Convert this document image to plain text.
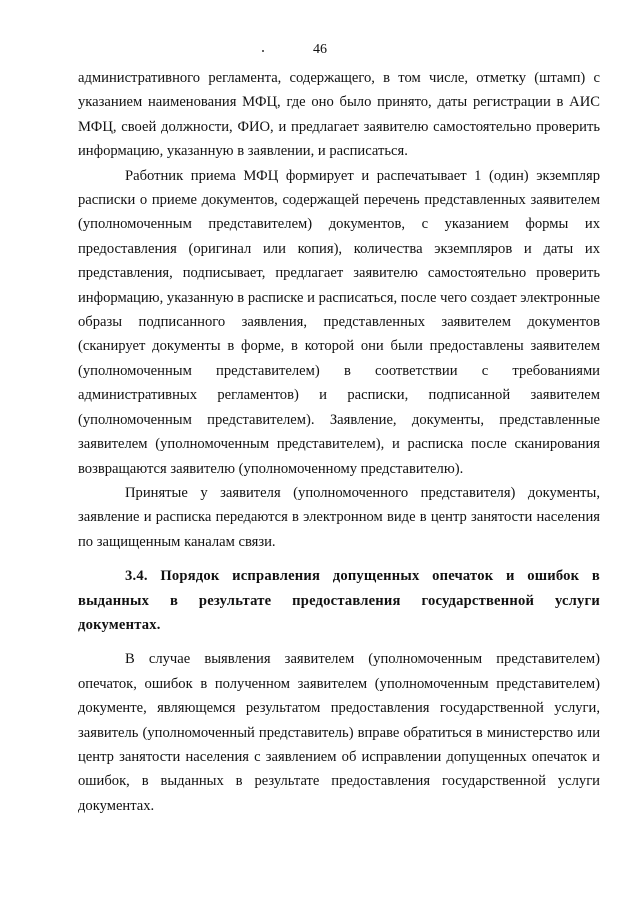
46

административного регламента, содержащего, в том числе, отметку (штамп) с указанием наименования МФЦ, где оно было принято, даты регистрации в АИС МФЦ, своей должности, ФИО, и предлагает заявителю самостоятельно проверить информацию, указанную в заявлении, и расписаться.

Работник приема МФЦ формирует и распечатывает 1 (один) экземпляр расписки о приеме документов, содержащей перечень представленных заявителем (уполномоченным представителем) документов, с указанием формы их предоставления (оригинал или копия), количества экземпляров и даты их представления, подписывает, предлагает заявителю самостоятельно проверить информацию, указанную в расписке и расписаться, после чего создает электронные образы подписанного заявления, представленных заявителем документов (сканирует документы в форме, в которой они были предоставлены заявителем (уполномоченным представителем) в соответствии с требованиями административных регламентов) и расписки, подписанной заявителем (уполномоченным представителем). Заявление, документы, представленные заявителем (уполномоченным представителем), и расписка после сканирования возвращаются заявителю (уполномоченному представителю).

Принятые у заявителя (уполномоченного представителя) документы, заявление и расписка передаются в электронном виде в центр занятости населения по защищенным каналам связи.

3.4. Порядок исправления допущенных опечаток и ошибок в выданных в результате предоставления государственной услуги документах.

В случае выявления заявителем (уполномоченным представителем) опечаток, ошибок в полученном заявителем (уполномоченным представителем) документе, являющемся результатом предоставления государственной услуги, заявитель (уполномоченный представитель) вправе обратиться в министерство или центр занятости населения с заявлением об исправлении допущенных опечаток и ошибок, в выданных в результате предоставления государственной услуги документах.
